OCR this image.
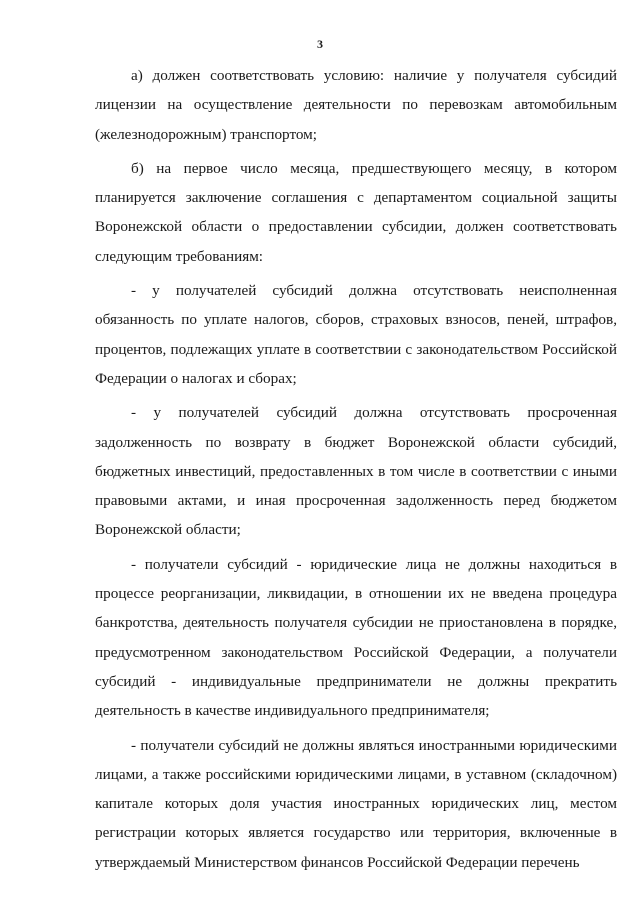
3

а) должен соответствовать условию: наличие у получателя субсидий лицензии на осуществление деятельности по перевозкам автомобильным (железнодорожным) транспортом;

б) на первое число месяца, предшествующего месяцу, в котором планируется заключение соглашения с департаментом социальной защиты Воронежской области о предоставлении субсидии, должен соответствовать следующим требованиям:

- у получателей субсидий должна отсутствовать неисполненная обязанность по уплате налогов, сборов, страховых взносов, пеней, штрафов, процентов, подлежащих уплате в соответствии с законодательством Российской Федерации о налогах и сборах;

- у получателей субсидий должна отсутствовать просроченная задолженность по возврату в бюджет Воронежской области субсидий, бюджетных инвестиций, предоставленных в том числе в соответствии с иными правовыми актами, и иная просроченная задолженность перед бюджетом Воронежской области;

- получатели субсидий - юридические лица не должны находиться в процессе реорганизации, ликвидации, в отношении их не введена процедура банкротства, деятельность получателя субсидии не приостановлена в порядке, предусмотренном законодательством Российской Федерации, а получатели субсидий - индивидуальные предприниматели не должны прекратить деятельность в качестве индивидуального предпринимателя;

- получатели субсидий не должны являться иностранными юридическими лицами, а также российскими юридическими лицами, в уставном (складочном) капитале которых доля участия иностранных юридических лиц, местом регистрации которых является государство или территория, включенные в утверждаемый Министерством финансов Российской Федерации перечень
